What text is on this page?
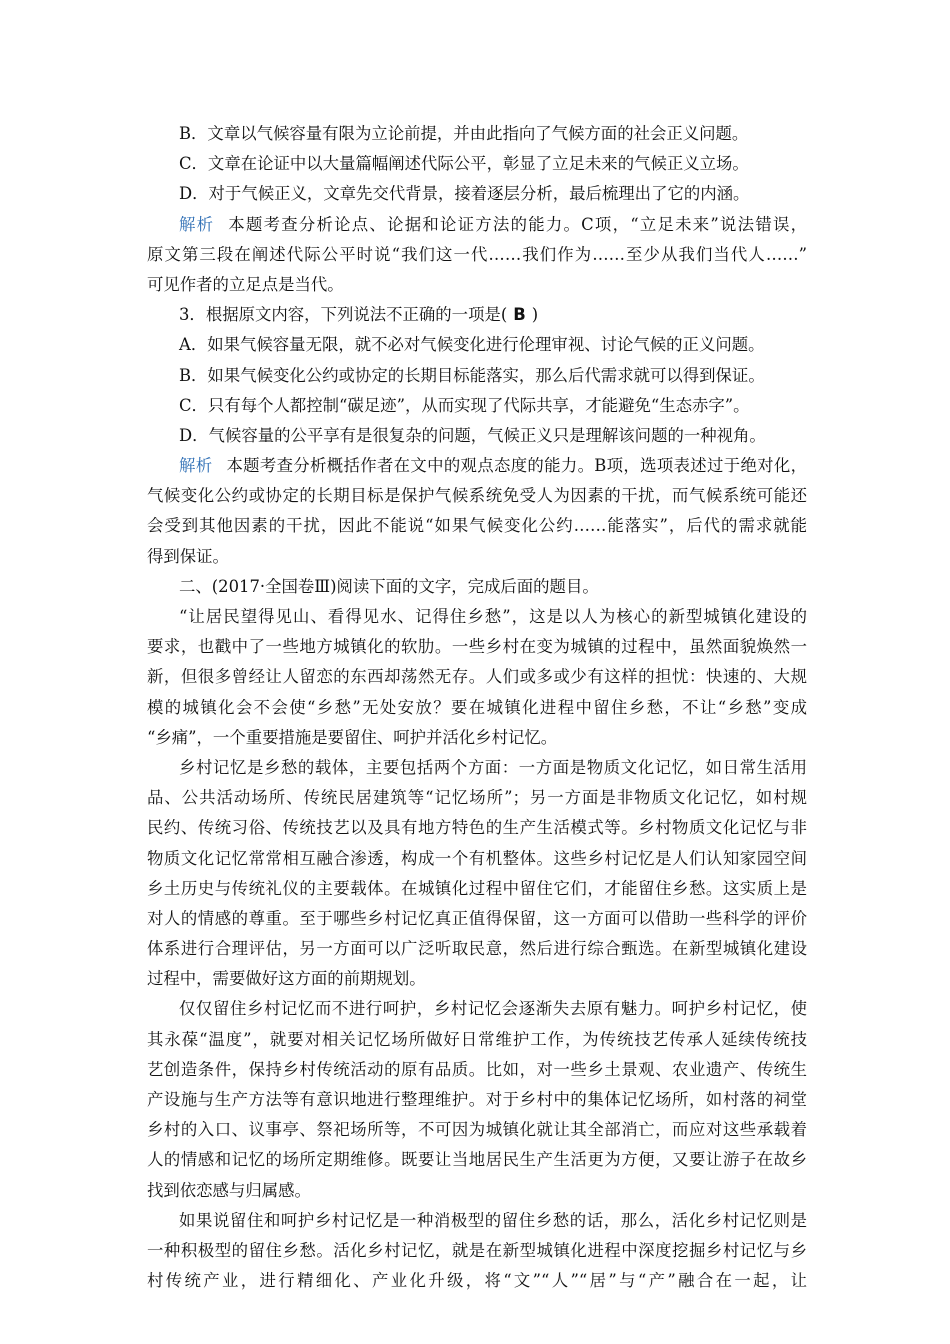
B．文章以气候容量有限为立论前提，并由此指向了气候方面的社会正义问题。
C．文章在论证中以大量篇幅阐述代际公平，彰显了立足未来的气候正义立场。
D．对于气候正义，文章先交代背景，接着逐层分析，最后梳理出了它的内涵。
解析 本题考查分析论点、论据和论证方法的能力。C项，“立足未来”说法错误，
原文第三段在阐述代际公平时说“我们这一代……我们作为……至少从我们当代人……”
可见作者的立足点是当代。
3．根据原文内容，下列说法不正确的一项是( B )
A．如果气候容量无限，就不必对气候变化进行伦理审视、讨论气候的正义问题。
B．如果气候变化公约或协定的长期目标能落实，那么后代需求就可以得到保证。
C．只有每个人都控制“碳足迹”，从而实现了代际共享，才能避免“生态赤字”。
D．气候容量的公平享有是很复杂的问题，气候正义只是理解该问题的一种视角。
解析 本题考查分析概括作者在文中的观点态度的能力。B项，选项表述过于绝对化，
气候变化公约或协定的长期目标是保护气候系统免受人为因素的干扰，而气候系统可能还
会受到其他因素的干扰，因此不能说“如果气候变化公约……能落实”，后代的需求就能
得到保证。
二、(2017·全国卷Ⅲ)阅读下面的文字，完成后面的题目。
“让居民望得见山、看得见水、记得住乡愁”，这是以人为核心的新型城镇化建设的
要求，也戳中了一些地方城镇化的软肋。一些乡村在变为城镇的过程中，虽然面貌焕然一
新，但很多曾经让人留恋的东西却荡然无存。人们或多或少有这样的担忧：快速的、大规
模的城镇化会不会使“乡愁”无处安放？要在城镇化进程中留住乡愁，不让“乡愁”变成
“乡痛”，一个重要措施是要留住、呵护并活化乡村记忆。
乡村记忆是乡愁的载体，主要包括两个方面：一方面是物质文化记忆，如日常生活用
品、公共活动场所、传统民居建筑等“记忆场所”；另一方面是非物质文化记忆，如村规
民约、传统习俗、传统技艺以及具有地方特色的生产生活模式等。乡村物质文化记忆与非
物质文化记忆常常相互融合渗透，构成一个有机整体。这些乡村记忆是人们认知家园空间
乡土历史与传统礼仪的主要载体。在城镇化过程中留住它们，才能留住乡愁。这实质上是
对人的情感的尊重。至于哪些乡村记忆真正值得保留，这一方面可以借助一些科学的评价
体系进行合理评估，另一方面可以广泛听取民意，然后进行综合甄选。在新型城镇化建设
过程中，需要做好这方面的前期规划。
仅仅留住乡村记忆而不进行呵护，乡村记忆会逐渐失去原有魅力。呵护乡村记忆，使
其永葆“温度”，就要对相关记忆场所做好日常维护工作，为传统技艺传承人延续传统技
艺创造条件，保持乡村传统活动的原有品质。比如，对一些乡土景观、农业遗产、传统生
产设施与生产方法等有意识地进行整理维护。对于乡村中的集体记忆场所，如村落的祠堂
乡村的入口、议事亭、祭祀场所等，不可因为城镇化就让其全部消亡，而应对这些承载着
人的情感和记忆的场所定期维修。既要让当地居民生产生活更为方便，又要让游子在故乡
找到依恋感与归属感。
如果说留住和呵护乡村记忆是一种消极型的留住乡愁的话，那么，活化乡村记忆则是
一种积极型的留住乡愁。活化乡村记忆，就是在新型城镇化进程中深度挖掘乡村记忆与乡
村传统产业，进行精细化、产业化升级，将“文”“人”“居”与“产”融合在一起，让
